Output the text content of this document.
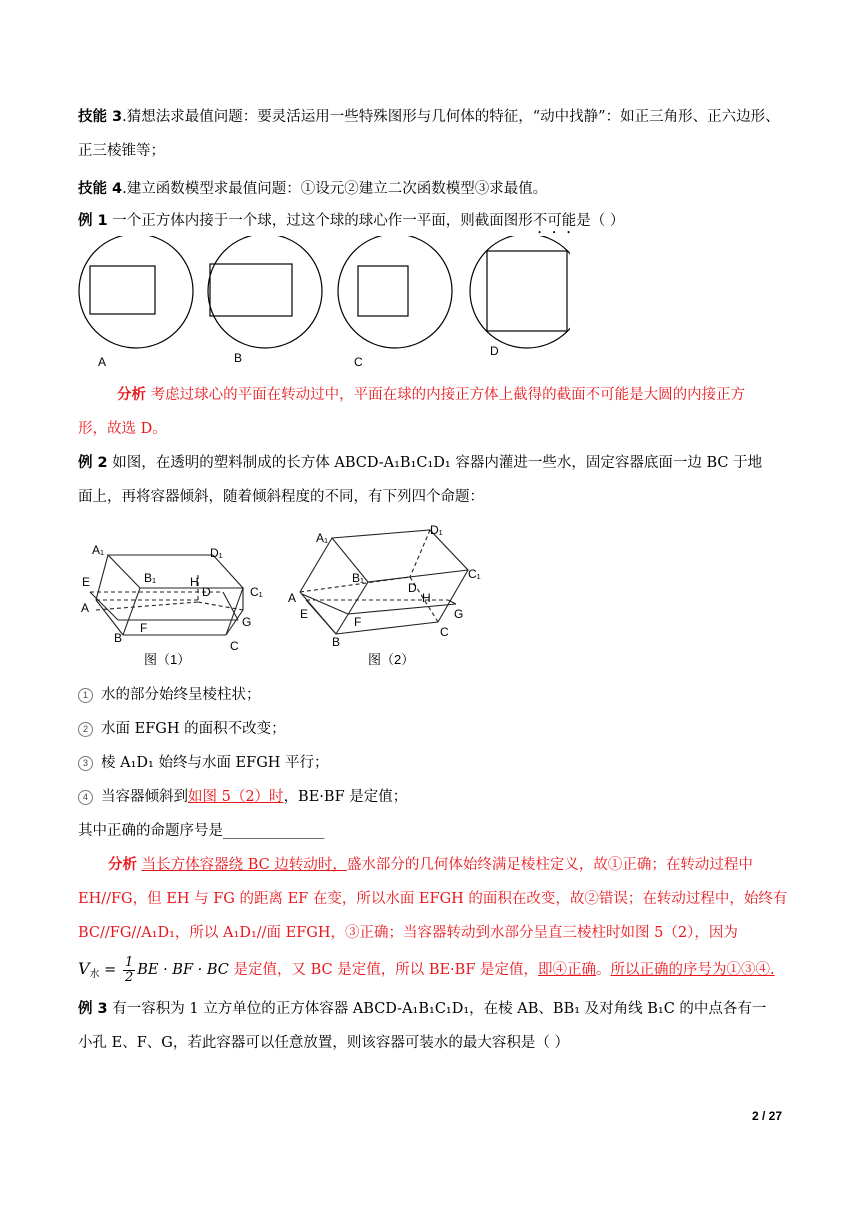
技能 3.猜想法求最值问题：要灵活运用一些特殊图形与几何体的特征，“动中找静”：如正三角形、正六边形、
正三棱锥等；
技能 4.建立函数模型求最值问题：①设元②建立二次函数模型③求最值。
例 1 一个正方体内接于一个球，过这个球的球心作一平面，则截面图形不可能是（ ）
A	B	C
D
分析 考虑过球心的平面在转动过中，平面在球的内接正方体上截得的截面不可能是大圆的内接正方
形，故选 D。
例 2 如图，在透明的塑料制成的长方体 ABCD-A₁B₁C₁D₁ 容器内灌进一些水，固定容器底面一边 BC 于地
面上，再将容器倾斜，随着倾斜程度的不同，有下列四个命题：
A₁	D₁
B₁
E	H
D	C₁
A
G
F
B
C
图（1）
A₁
D₁
C₁
B₁
D
A	H
E	G
F
B
C
图（2）
1 水的部分始终呈棱柱状；
2 水面 EFGH 的面积不改变；
3 棱 A₁D₁ 始终与水面 EFGH 平行；
4 当容器倾斜到如图 5（2）时，BE·BF 是定值；
其中正确的命题序号是______________
分析 当长方体容器绕 BC 边转动时，盛水部分的几何体始终满足棱柱定义，故①正确；在转动过程中
EH//FG，但 EH 与 FG 的距离 EF 在变，所以水面 EFGH 的面积在改变，故②错误；在转动过程中，始终有
BC//FG//A₁D₁，所以 A₁D₁//面 EFGH，③正确；当容器转动到水部分呈直三棱柱时如图 5（2），因为
$V_水 = \frac{1}{2}$ BE · BF · BC 是定值，又 BC 是定值，所以 BE·BF 是定值，即④正确。所以正确的序号为①③④.
例 3 有一容积为 1 立方单位的正方体容器 ABCD-A₁B₁C₁D₁，在棱 AB、BB₁ 及对角线 B₁C 的中点各有一
小孔 E、F、G，若此容器可以任意放置，则该容器可装水的最大容积是（ ）
2 / 27
